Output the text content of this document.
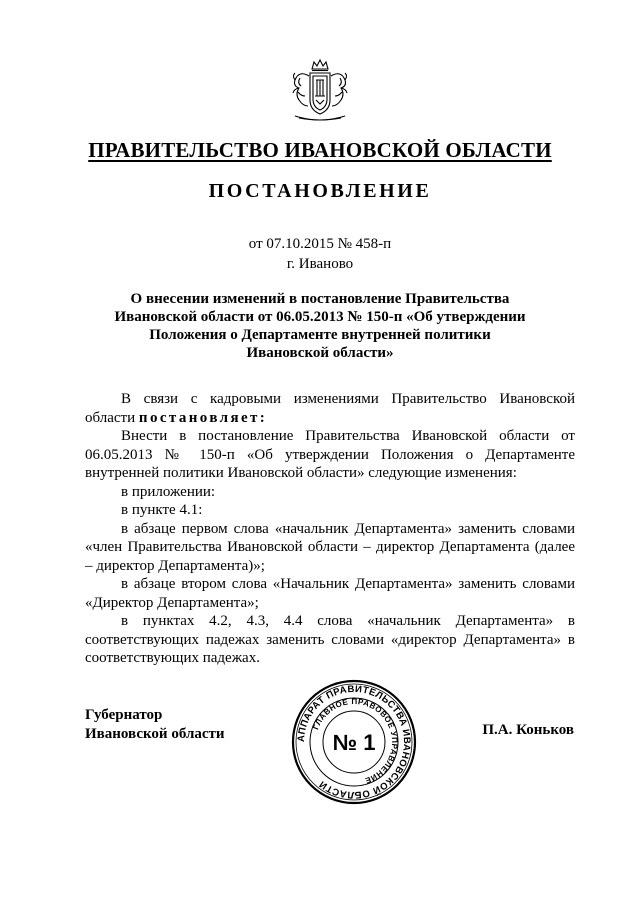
ПРАВИТЕЛЬСТВО ИВАНОВСКОЙ ОБЛАСТИ
ПОСТАНОВЛЕНИЕ
от 07.10.2015 № 458-п
г. Иваново
О внесении изменений в постановление Правительства
Ивановской области от 06.05.2013 № 150-п «Об утверждении
Положения о Департаменте внутренней политики
Ивановской области»
В связи с кадровыми изменениями Правительство Ивановской области постановляет:
Внести в постановление Правительства Ивановской области от 06.05.2013 № 150-п «Об утверждении Положения о Департаменте внутренней политики Ивановской области» следующие изменения:
в приложении:
в пункте 4.1:
в абзаце первом слова «начальник Департамента» заменить словами «член Правительства Ивановской области – директор Департамента (далее – директор Департамента)»;
в абзаце втором слова «Начальник Департамента» заменить словами «Директор Департамента»;
в пунктах 4.2, 4.3, 4.4 слова «начальник Департамента» в соответствующих падежах заменить словами «директор Департамента» в соответствующих падежах.
Губернатор
Ивановской области	АППАРАТ ПРАВИТЕЛЬСТВА ИВАНОВСКОЙ ОБЛАСТИ
ГЛАВНОЕ ПРАВОВОЕ УПРАВЛЕНИЕ
№ 1	П.А. Коньков
